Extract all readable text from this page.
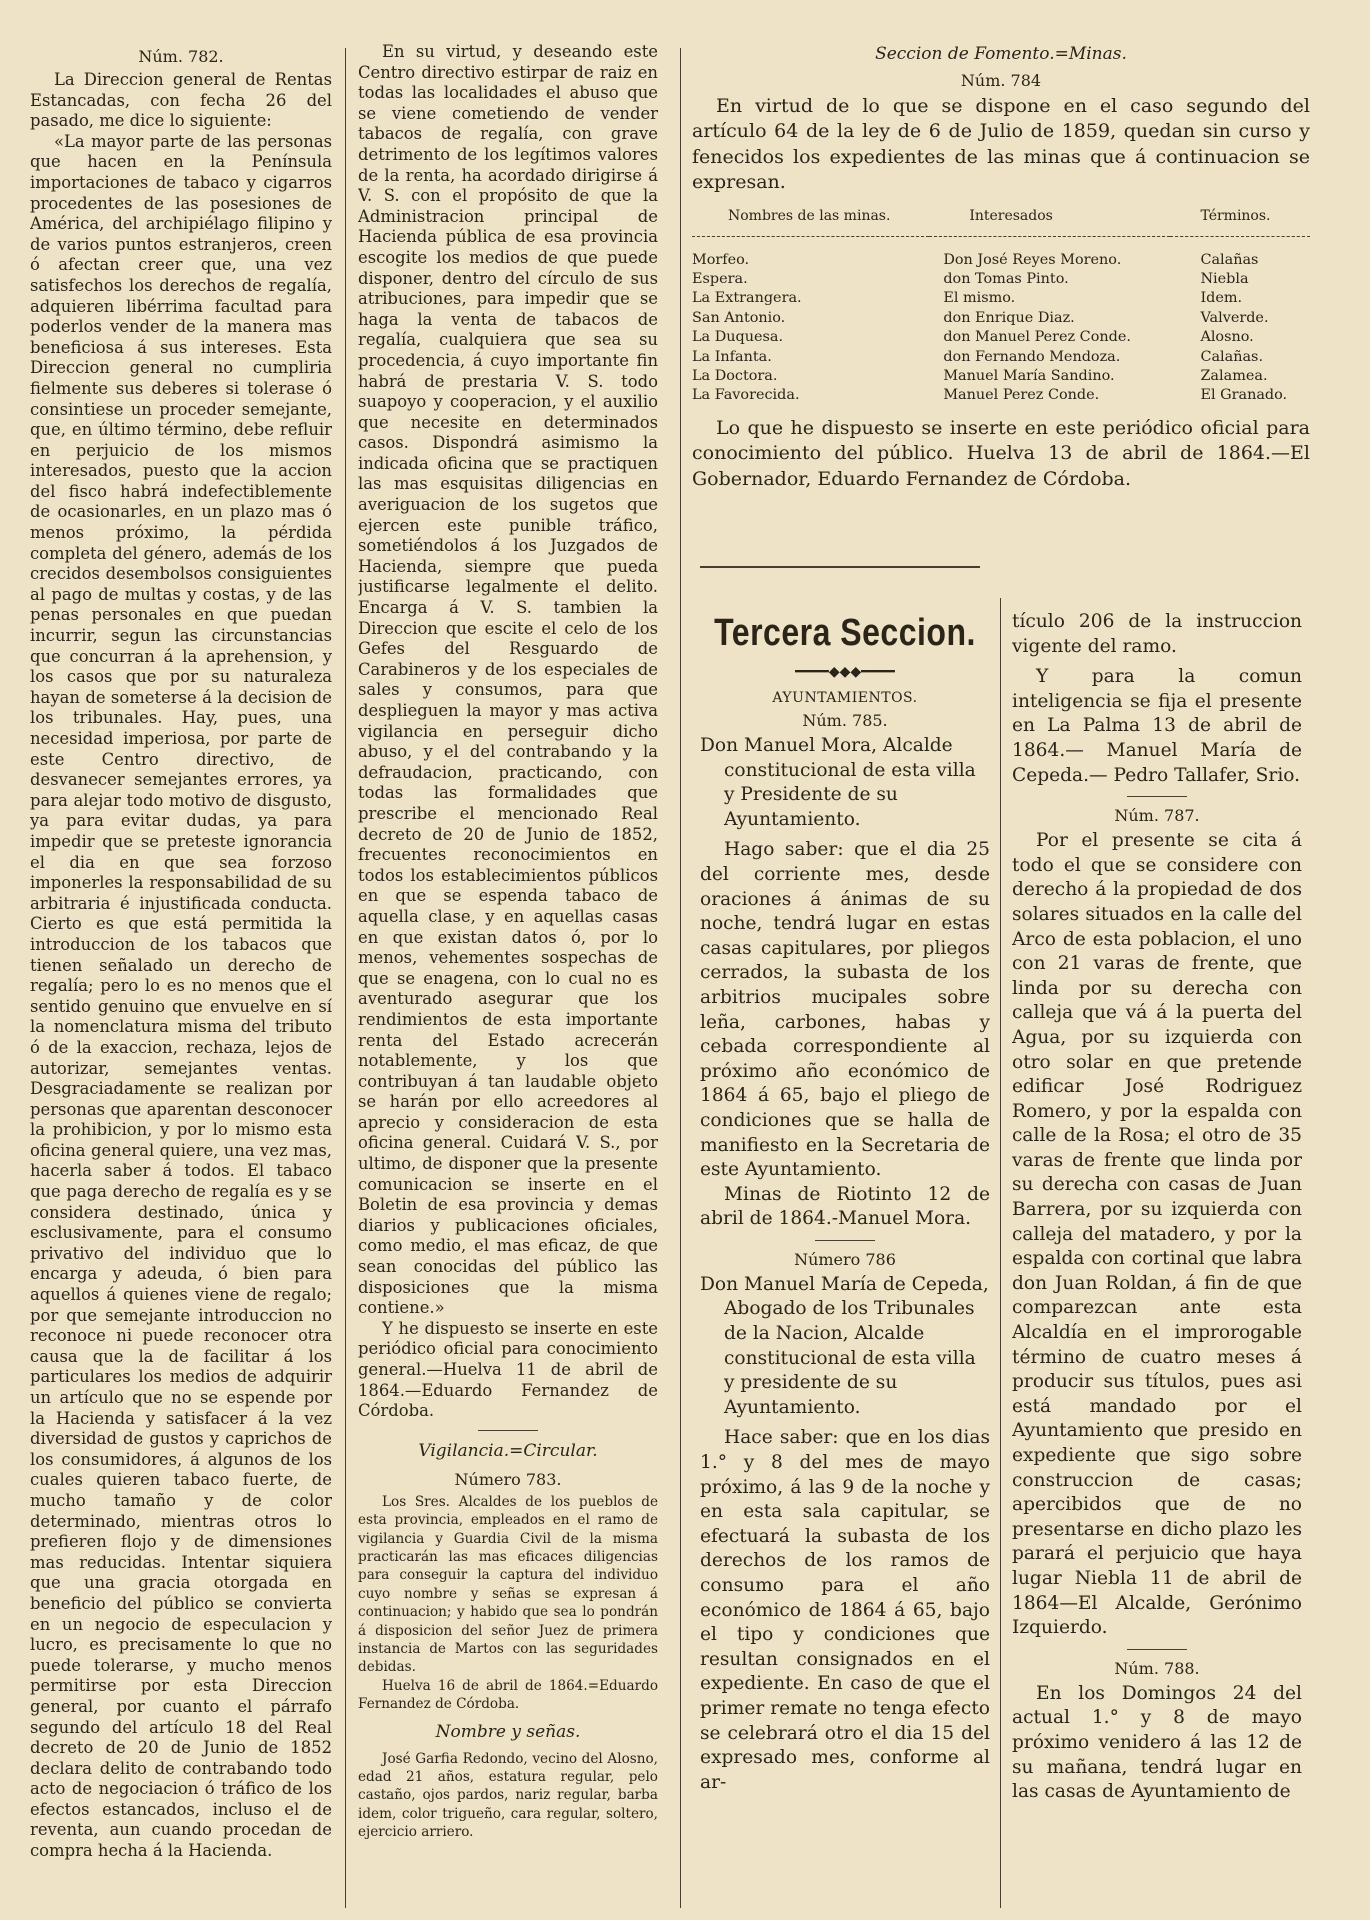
Núm. 782.

La Direccion general de Rentas Estancadas, con fecha 26 del pasado, me dice lo siguiente:

«La mayor parte de las personas que hacen en la Península importaciones de tabaco y cigarros procedentes de las posesiones de América, del archipiélago filipino y de varios puntos estranjeros, creen ó afectan creer que, una vez satisfechos los derechos de regalía, adquieren libérrima facultad para poderlos vender de la manera mas beneficiosa á sus intereses. Esta Direccion general no cumpliria fielmente sus deberes si tolerase ó consintiese un proceder semejante, que, en último término, debe refluir en perjuicio de los mismos interesados, puesto que la accion del fisco habrá indefectiblemente de ocasionarles, en un plazo mas ó menos próximo, la pérdida completa del género, además de los crecidos desembolsos consiguientes al pago de multas y costas, y de las penas personales en que puedan incurrir, segun las circunstancias que concurran á la aprehension, y los casos que por su naturaleza hayan de someterse á la decision de los tribunales. Hay, pues, una necesidad imperiosa, por parte de este Centro directivo, de desvanecer semejantes errores, ya para alejar todo motivo de disgusto, ya para evitar dudas, ya para impedir que se preteste ignorancia el dia en que sea forzoso imponerles la responsabilidad de su arbitraria é injustificada conducta. Cierto es que está permitida la introduccion de los tabacos que tienen señalado un derecho de regalía; pero lo es no menos que el sentido genuino que envuelve en sí la nomenclatura misma del tributo ó de la exaccion, rechaza, lejos de autorizar, semejantes ventas. Desgraciadamente se realizan por personas que aparentan desconocer la prohibicion, y por lo mismo esta oficina general quiere, una vez mas, hacerla saber á todos. El tabaco que paga derecho de regalía es y se considera destinado, única y esclusivamente, para el consumo privativo del individuo que lo encarga y adeuda, ó bien para aquellos á quienes viene de regalo; por que semejante introduccion no reconoce ni puede reconocer otra causa que la de facilitar á los particulares los medios de adquirir un artículo que no se espende por la Hacienda y satisfacer á la vez diversidad de gustos y caprichos de los consumidores, á algunos de los cuales quieren tabaco fuerte, de mucho tamaño y de color determinado, mientras otros lo prefieren flojo y de dimensiones mas reducidas. Intentar siquiera que una gracia otorgada en beneficio del público se convierta en un negocio de especulacion y lucro, es precisamente lo que no puede tolerarse, y mucho menos permitirse por esta Direccion general, por cuanto el párrafo segundo del artículo 18 del Real decreto de 20 de Junio de 1852 declara delito de contrabando todo acto de negociacion ó tráfico de los efectos estancados, incluso el de reventa, aun cuando procedan de compra hecha á la Hacienda.

En su virtud, y deseando este Centro directivo estirpar de raiz en todas las localidades el abuso que se viene cometiendo de vender tabacos de regalía, con grave detrimento de los legítimos valores de la renta, ha acordado dirigirse á V. S. con el propósito de que la Administracion principal de Hacienda pública de esa provincia escogite los medios de que puede disponer, dentro del círculo de sus atribuciones, para impedir que se haga la venta de tabacos de regalía, cualquiera que sea su procedencia, á cuyo importante fin habrá de prestaria V. S. todo suapoyo y cooperacion, y el auxilio que necesite en determinados casos. Dispondrá asimismo la indicada oficina que se practiquen las mas esquisitas diligencias en averiguacion de los sugetos que ejercen este punible tráfico, sometiéndolos á los Juzgados de Hacienda, siempre que pueda justificarse legalmente el delito. Encarga á V. S. tambien la Direccion que escite el celo de los Gefes del Resguardo de Carabineros y de los especiales de sales y consumos, para que desplieguen la mayor y mas activa vigilancia en perseguir dicho abuso, y el del contrabando y la defraudacion, practicando, con todas las formalidades que prescribe el mencionado Real decreto de 20 de Junio de 1852, frecuentes reconocimientos en todos los establecimientos públicos en que se espenda tabaco de aquella clase, y en aquellas casas en que existan datos ó, por lo menos, vehementes sospechas de que se enagena, con lo cual no es aventurado asegurar que los rendimientos de esta importante renta del Estado acrecerán notablemente, y los que contribuyan á tan laudable objeto se harán por ello acreedores al aprecio y consideracion de esta oficina general. Cuidará V. S., por ultimo, de disponer que la presente comunicacion se inserte en el Boletin de esa provincia y demas diarios y publicaciones oficiales, como medio, el mas eficaz, de que sean conocidas del público las disposiciones que la misma contiene.»

Y he dispuesto se inserte en este periódico oficial para conocimiento general.—Huelva 11 de abril de 1864.—Eduardo Fernandez de Córdoba.

Vigilancia.=Circular.
Número 783.

Los Sres. Alcaldes de los pueblos de esta provincia, empleados en el ramo de vigilancia y Guardia Civil de la misma practicarán las mas eficaces diligencias para conseguir la captura del individuo cuyo nombre y señas se expresan á continuacion; y habido que sea lo pondrán á disposicion del señor Juez de primera instancia de Martos con las seguridades debidas.

Huelva 16 de abril de 1864.=Eduardo Fernandez de Córdoba.

Nombre y señas.

José Garfia Redondo, vecino del Alosno, edad 21 años, estatura regular, pelo castaño, ojos pardos, nariz regular, barba idem, color trigueño, cara regular, soltero, ejercicio arriero.

Seccion de Fomento.=Minas.
Núm. 784

En virtud de lo que se dispone en el caso segundo del artículo 64 de la ley de 6 de Julio de 1859, quedan sin curso y fenecidos los expedientes de las minas que á continuacion se expresan.

Nombres de las minas.	Interesados	Términos.
Morfeo.	Don José Reyes Moreno.	Calañas
Espera.	don Tomas Pinto.	Niebla
La Extrangera.	El mismo.	Idem.
San Antonio.	don Enrique Diaz.	Valverde.
La Duquesa.	don Manuel Perez Conde.	Alosno.
La Infanta.	don Fernando Mendoza.	Calañas.
La Doctora.	Manuel María Sandino.	Zalamea.
La Favorecida.	Manuel Perez Conde.	El Granado.

Lo que he dispuesto se inserte en este periódico oficial para conocimiento del público. Huelva 13 de abril de 1864.—El Gobernador, Eduardo Fernandez de Córdoba.

Tercera Seccion.
━━━━◆◆◆━━━━
AYUNTAMIENTOS.
Núm. 785.

Don Manuel Mora, Alcalde constitucional de esta villa y Presidente de su Ayuntamiento.

Hago saber: que el dia 25 del corriente mes, desde oraciones á ánimas de su noche, tendrá lugar en estas casas capitulares, por pliegos cerrados, la subasta de los arbitrios mucipales sobre leña, carbones, habas y cebada correspondiente al próximo año económico de 1864 á 65, bajo el pliego de condiciones que se halla de manifiesto en la Secretaria de este Ayuntamiento.

Minas de Riotinto 12 de abril de 1864.-Manuel Mora.

Número 786

Don Manuel María de Cepeda, Abogado de los Tribunales de la Nacion, Alcalde constitucional de esta villa y presidente de su Ayuntamiento.

Hace saber: que en los dias 1.° y 8 del mes de mayo próximo, á las 9 de la noche y en esta sala capitular, se efectuará la subasta de los derechos de los ramos de consumo para el año económico de 1864 á 65, bajo el tipo y condiciones que resultan consignados en el expediente. En caso de que el primer remate no tenga efecto se celebrará otro el dia 15 del expresado mes, conforme al ar-

tículo 206 de la instruccion vigente del ramo.

Y para la comun inteligencia se fija el presente en La Palma 13 de abril de 1864.— Manuel María de Cepeda.— Pedro Tallafer, Srio.

Núm. 787.

Por el presente se cita á todo el que se considere con derecho á la propiedad de dos solares situados en la calle del Arco de esta poblacion, el uno con 21 varas de frente, que linda por su derecha con calleja que vá á la puerta del Agua, por su izquierda con otro solar en que pretende edificar José Rodriguez Romero, y por la espalda con calle de la Rosa; el otro de 35 varas de frente que linda por su derecha con casas de Juan Barrera, por su izquierda con calleja del matadero, y por la espalda con cortinal que labra don Juan Roldan, á fin de que comparezcan ante esta Alcaldía en el improrogable término de cuatro meses á producir sus títulos, pues asi está mandado por el Ayuntamiento que presido en expediente que sigo sobre construccion de casas; apercibidos que de no presentarse en dicho plazo les parará el perjuicio que haya lugar Niebla 11 de abril de 1864—El Alcalde, Gerónimo Izquierdo.

Núm. 788.

En los Domingos 24 del actual 1.° y 8 de mayo próximo venidero á las 12 de su mañana, tendrá lugar en las casas de Ayuntamiento de
